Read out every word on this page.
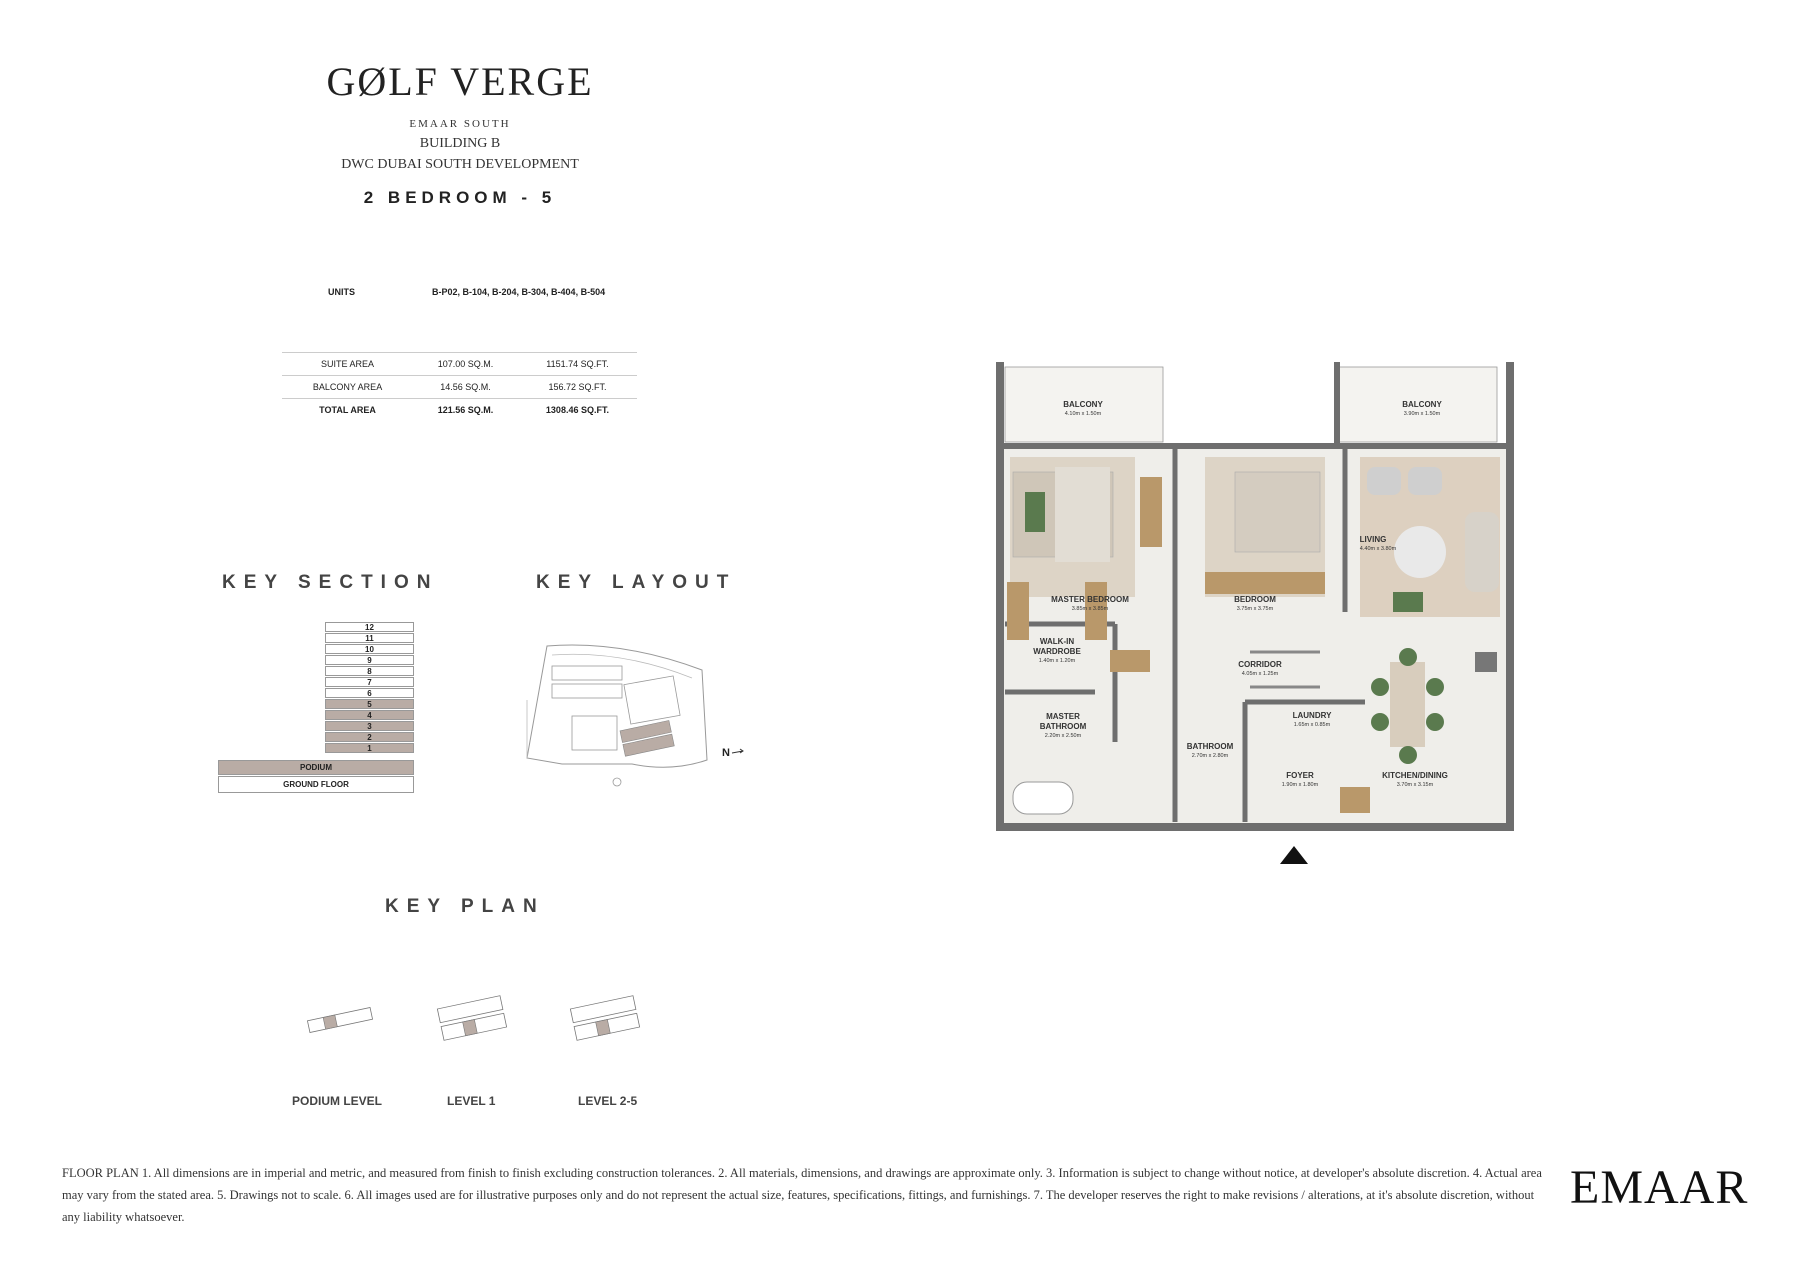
GØLF VERGE
EMAAR SOUTH
BUILDING B
DWC DUBAI SOUTH DEVELOPMENT
2 BEDROOM - 5
UNITS	B-P02, B-104, B-204, B-304, B-404, B-504
SUITE AREA	107.00 SQ.M.	1151.74 SQ.FT.
BALCONY AREA	14.56 SQ.M.	156.72 SQ.FT.
TOTAL AREA	121.56 SQ.M.	1308.46 SQ.FT.
KEY SECTION
12
11
10
9
8
7
6
5
4
3
2
1
PODIUM
GROUND FLOOR
KEY LAYOUT
N
KEY PLAN
PODIUM LEVEL	LEVEL 1	LEVEL 2-5
BALCONY
4.10m x 1.50m
BALCONY
3.90m x 1.50m
LIVING
4.40m x 3.80m
MASTER BEDROOM
3.85m x 3.85m
BEDROOM
3.75m x 3.75m
WALK-IN
WARDROBE
1.40m x 1.20m	CORRIDOR
4.05m x 1.25m
MASTER
BATHROOM
2.20m x 2.50m
LAUNDRY
1.65m x 0.85m
BATHROOM
2.70m x 2.80m
FOYER
1.90m x 1.80m
KITCHEN/DINING
3.70m x 3.15m
FLOOR PLAN 1. All dimensions are in imperial and metric, and measured from finish to finish excluding construction tolerances. 2. All materials, dimensions, and drawings are approximate only. 3. Information is subject to change without notice, at developer's absolute discretion. 4. Actual area may vary from the stated area. 5. Drawings not to scale. 6. All images used are for illustrative purposes only and do not represent the actual size, features, specifications, fittings, and furnishings. 7. The developer reserves the right to make revisions / alterations, at it's absolute discretion, without any liability whatsoever.
EMAAR
